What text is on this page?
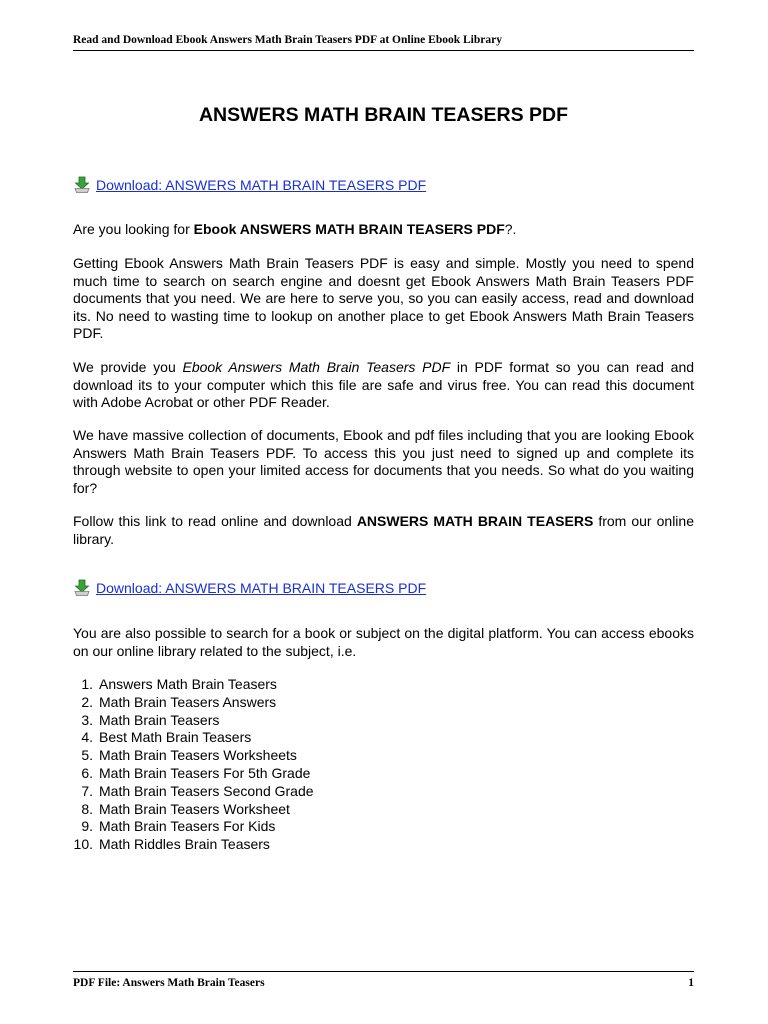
Read and Download Ebook Answers Math Brain Teasers PDF at Online Ebook Library
ANSWERS MATH BRAIN TEASERS PDF
Download: ANSWERS MATH BRAIN TEASERS PDF

Are you looking for Ebook ANSWERS MATH BRAIN TEASERS PDF?.

Getting Ebook Answers Math Brain Teasers PDF is easy and simple. Mostly you need to spend much time to search on search engine and doesnt get Ebook Answers Math Brain Teasers PDF documents that you need. We are here to serve you, so you can easily access, read and download its. No need to wasting time to lookup on another place to get Ebook Answers Math Brain Teasers PDF.

We provide you Ebook Answers Math Brain Teasers PDF in PDF format so you can read and download its to your computer which this file are safe and virus free. You can read this document with Adobe Acrobat or other PDF Reader.

We have massive collection of documents, Ebook and pdf files including that you are looking Ebook Answers Math Brain Teasers PDF. To access this you just need to signed up and complete its through website to open your limited access for documents that you needs. So what do you waiting for?

Follow this link to read online and download ANSWERS MATH BRAIN TEASERS from our online library.

Download: ANSWERS MATH BRAIN TEASERS PDF

You are also possible to search for a book or subject on the digital platform. You can access ebooks on our online library related to the subject, i.e.

1. Answers Math Brain Teasers
2. Math Brain Teasers Answers
3. Math Brain Teasers
4. Best Math Brain Teasers
5. Math Brain Teasers Worksheets
6. Math Brain Teasers For 5th Grade
7. Math Brain Teasers Second Grade
8. Math Brain Teasers Worksheet
9. Math Brain Teasers For Kids
10. Math Riddles Brain Teasers
PDF File: Answers Math Brain Teasers	1
